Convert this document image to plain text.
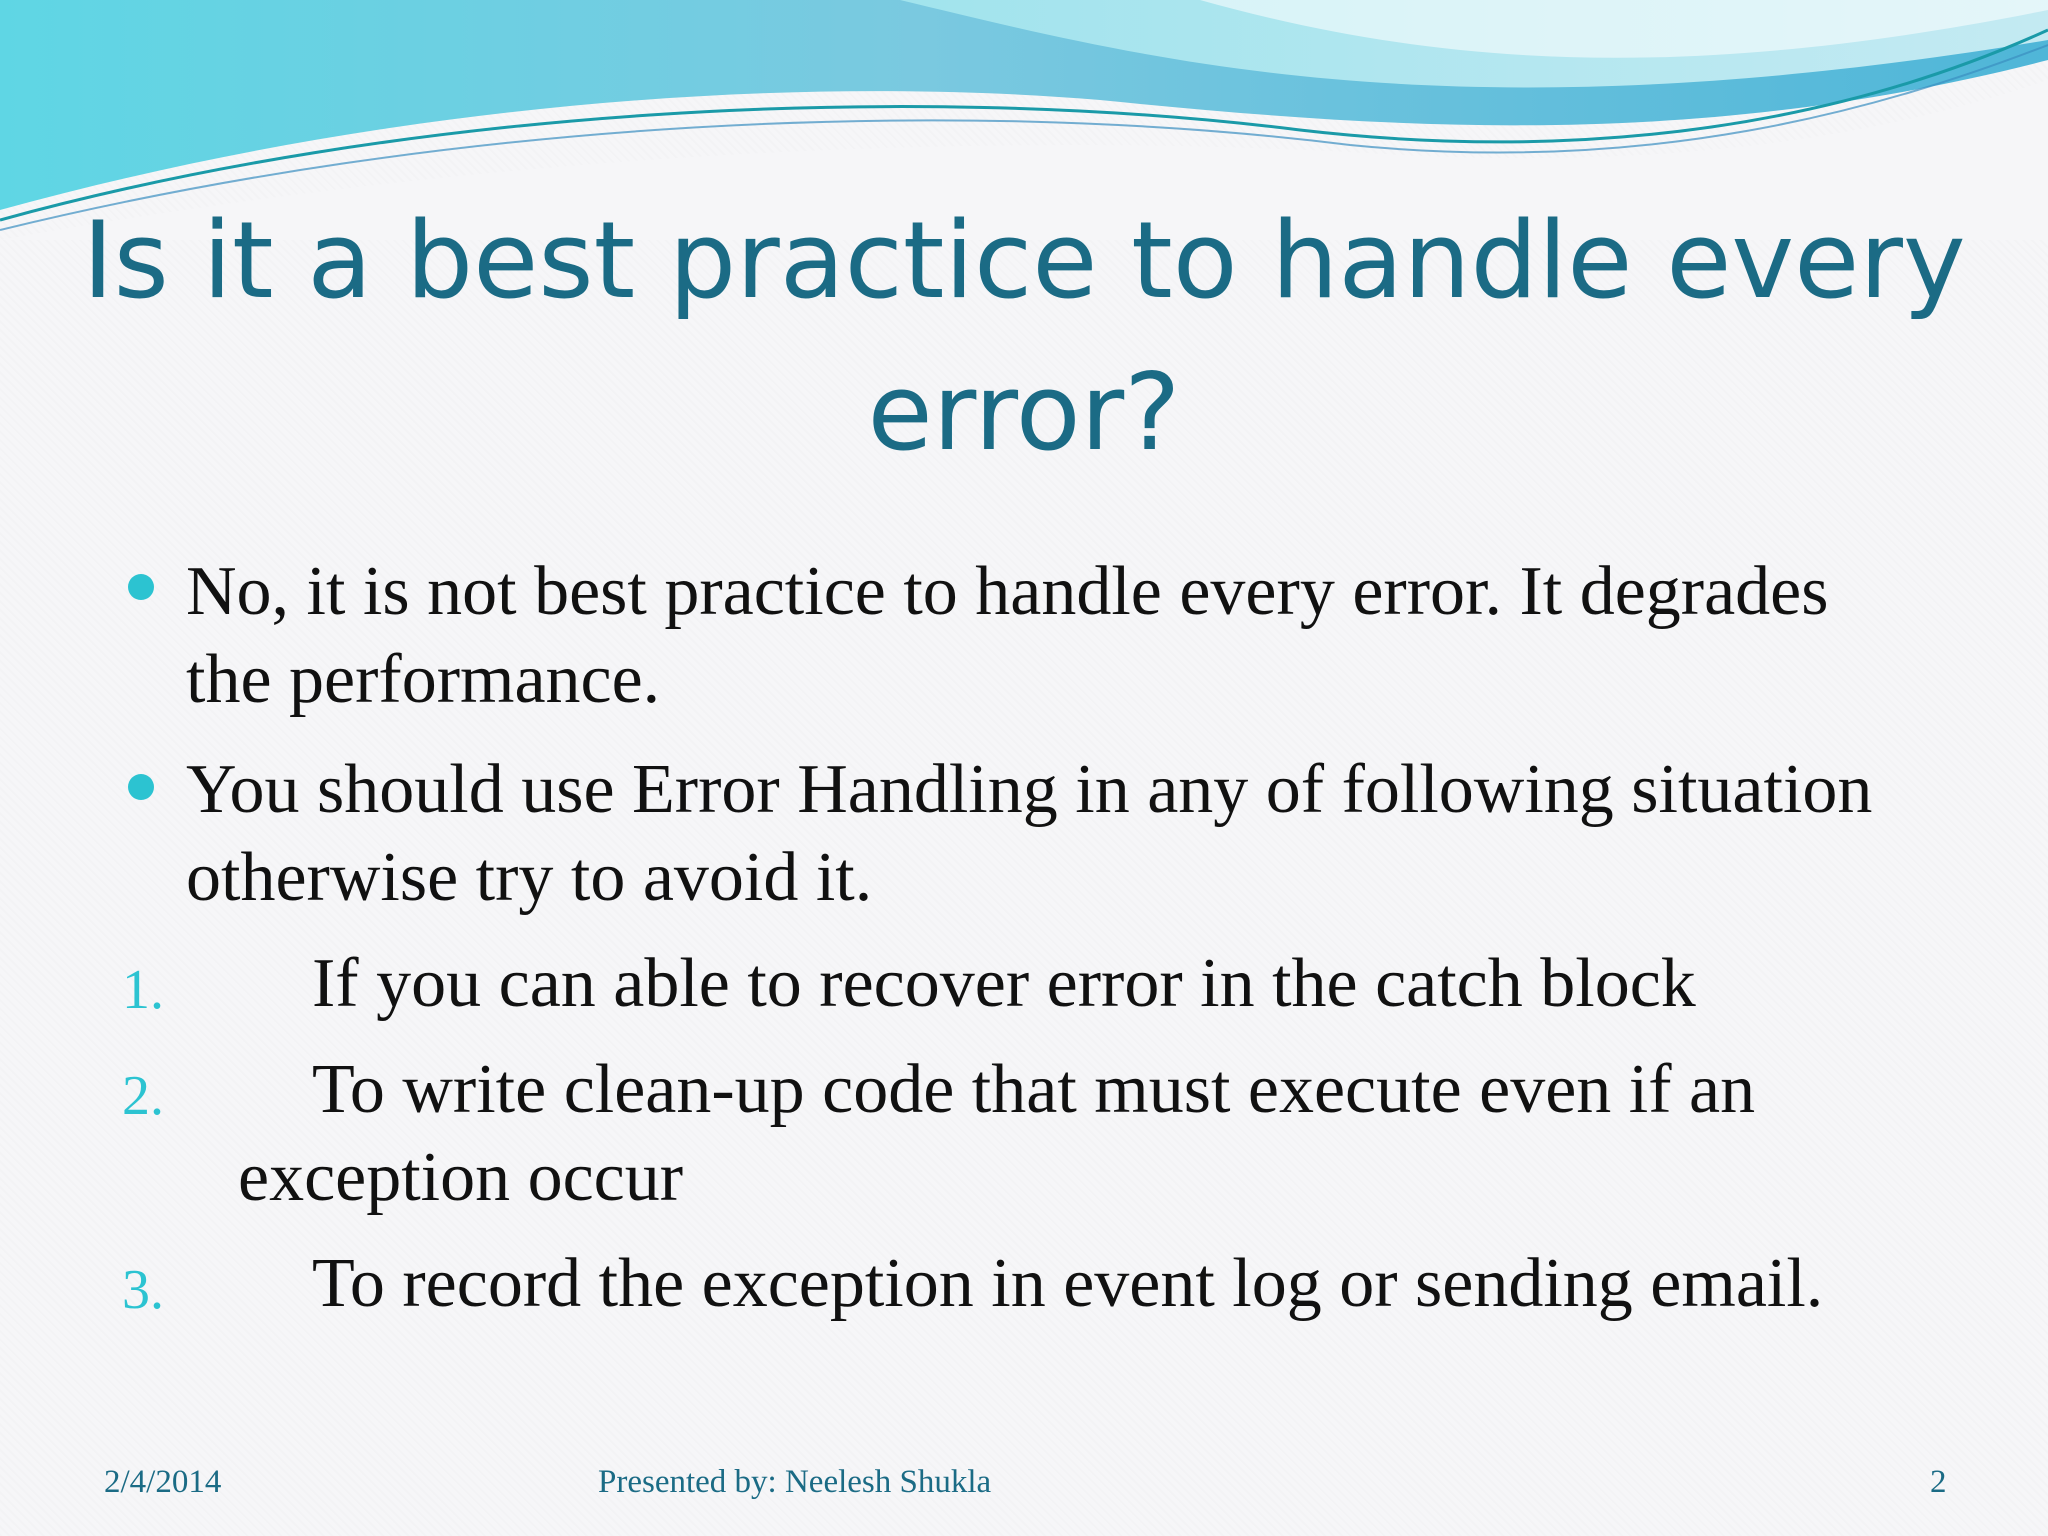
Is it a best practice to handle every
error?
No, it is not best practice to handle every error. It degrades the performance.
You should use Error Handling in any of following situation otherwise try to avoid it.
1.	If you can able to recover error in the catch block
2.	To write clean-up code that must execute even if an exception occur
3.	To record the exception in event log or sending email.
2/4/2014	Presented by: Neelesh Shukla	2
